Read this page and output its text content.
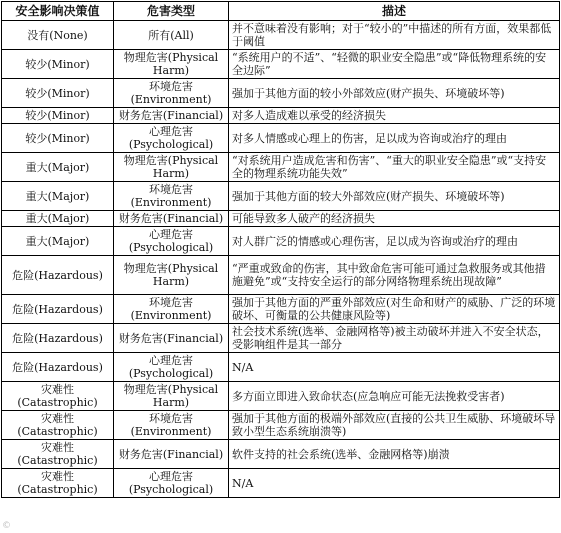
安全影响决策值	危害类型	描述
没有(None)	所有(All)	并不意味着没有影响；对于“较小的”中描述的所有方面，效果都低于阈值
较少(Minor)	物理危害(Physical Harm)	“系统用户的不适”、“轻微的职业安全隐患”或“降低物理系统的安全边际”
较少(Minor)	环境危害(Environment)	强加于其他方面的较小外部效应(财产损失、环境破坏等)
较少(Minor)	财务危害(Financial)	对多人造成难以承受的经济损失
较少(Minor)	心理危害(Psychological)	对多人情感或心理上的伤害，足以成为咨询或治疗的理由
重大(Major)	物理危害(Physical Harm)	“对系统用户造成危害和伤害”、“重大的职业安全隐患”或“支持安全的物理系统功能失效”
重大(Major)	环境危害(Environment)	强加于其他方面的较大外部效应(财产损失、环境破坏等)
重大(Major)	财务危害(Financial)	可能导致多人破产的经济损失
重大(Major)	心理危害(Psychological)	对人群广泛的情感或心理伤害，足以成为咨询或治疗的理由
危险(Hazardous)	物理危害(Physical Harm)	“严重或致命的伤害，其中致命危害可能可通过急救服务或其他措施避免”或“支持安全运行的部分网络物理系统出现故障”
危险(Hazardous)	环境危害(Environment)	强加于其他方面的严重外部效应(对生命和财产的威胁、广泛的环境破坏、可衡量的公共健康风险等)
危险(Hazardous)	财务危害(Financial)	社会技术系统(选举、金融网格等)被主动破坏并进入不安全状态，受影响组件是其一部分
危险(Hazardous)	心理危害(Psychological)	N/A
灾难性(Catastrophic)	物理危害(Physical Harm)	多方面立即进入致命状态(应急响应可能无法挽救受害者)
灾难性(Catastrophic)	环境危害(Environment)	强加于其他方面的极端外部效应(直接的公共卫生威胁、环境破坏导致小型生态系统崩溃等)
灾难性(Catastrophic)	财务危害(Financial)	软件支持的社会系统(选举、金融网格等)崩溃
灾难性(Catastrophic)	心理危害(Psychological)	N/A
©
